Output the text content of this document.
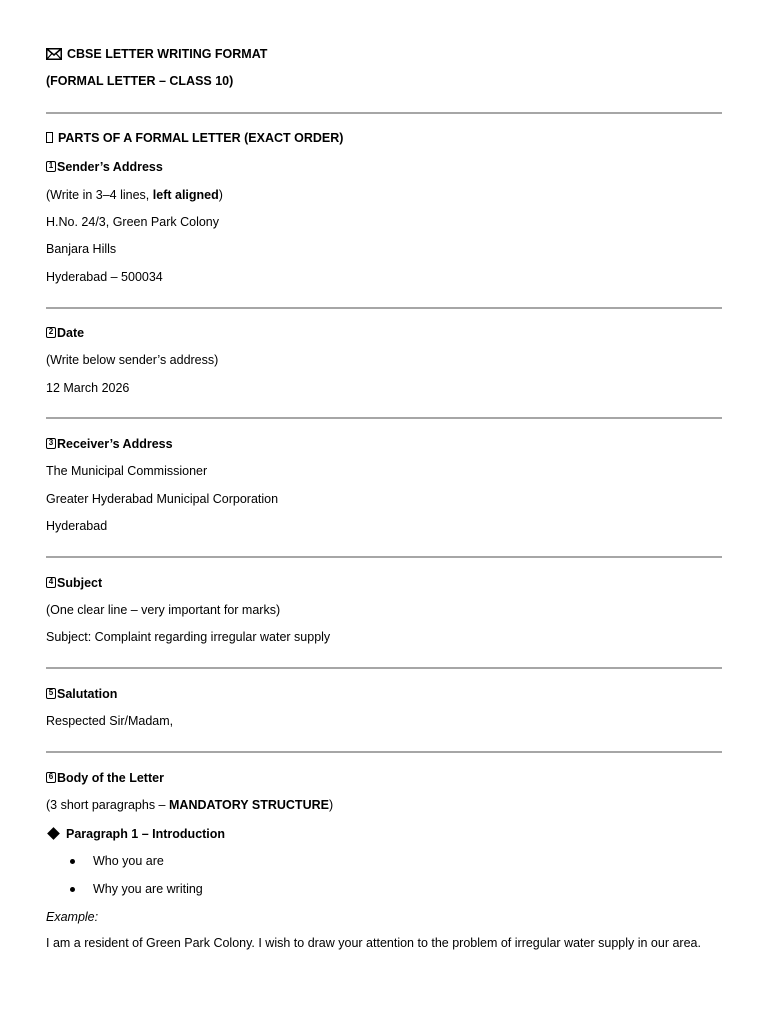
CBSE LETTER WRITING FORMAT
(FORMAL LETTER – CLASS 10)
PARTS OF A FORMAL LETTER (EXACT ORDER)
1 Sender’s Address
(Write in 3–4 lines, left aligned)
H.No. 24/3, Green Park Colony
Banjara Hills
Hyderabad – 500034
2 Date
(Write below sender’s address)
12 March 2026
3 Receiver’s Address
The Municipal Commissioner
Greater Hyderabad Municipal Corporation
Hyderabad
4 Subject
(One clear line – very important for marks)
Subject: Complaint regarding irregular water supply
5 Salutation
Respected Sir/Madam,
6 Body of the Letter
(3 short paragraphs – MANDATORY STRUCTURE)
Paragraph 1 – Introduction
Who you are
Why you are writing
Example:
I am a resident of Green Park Colony. I wish to draw your attention to the problem of irregular water supply in our area.
